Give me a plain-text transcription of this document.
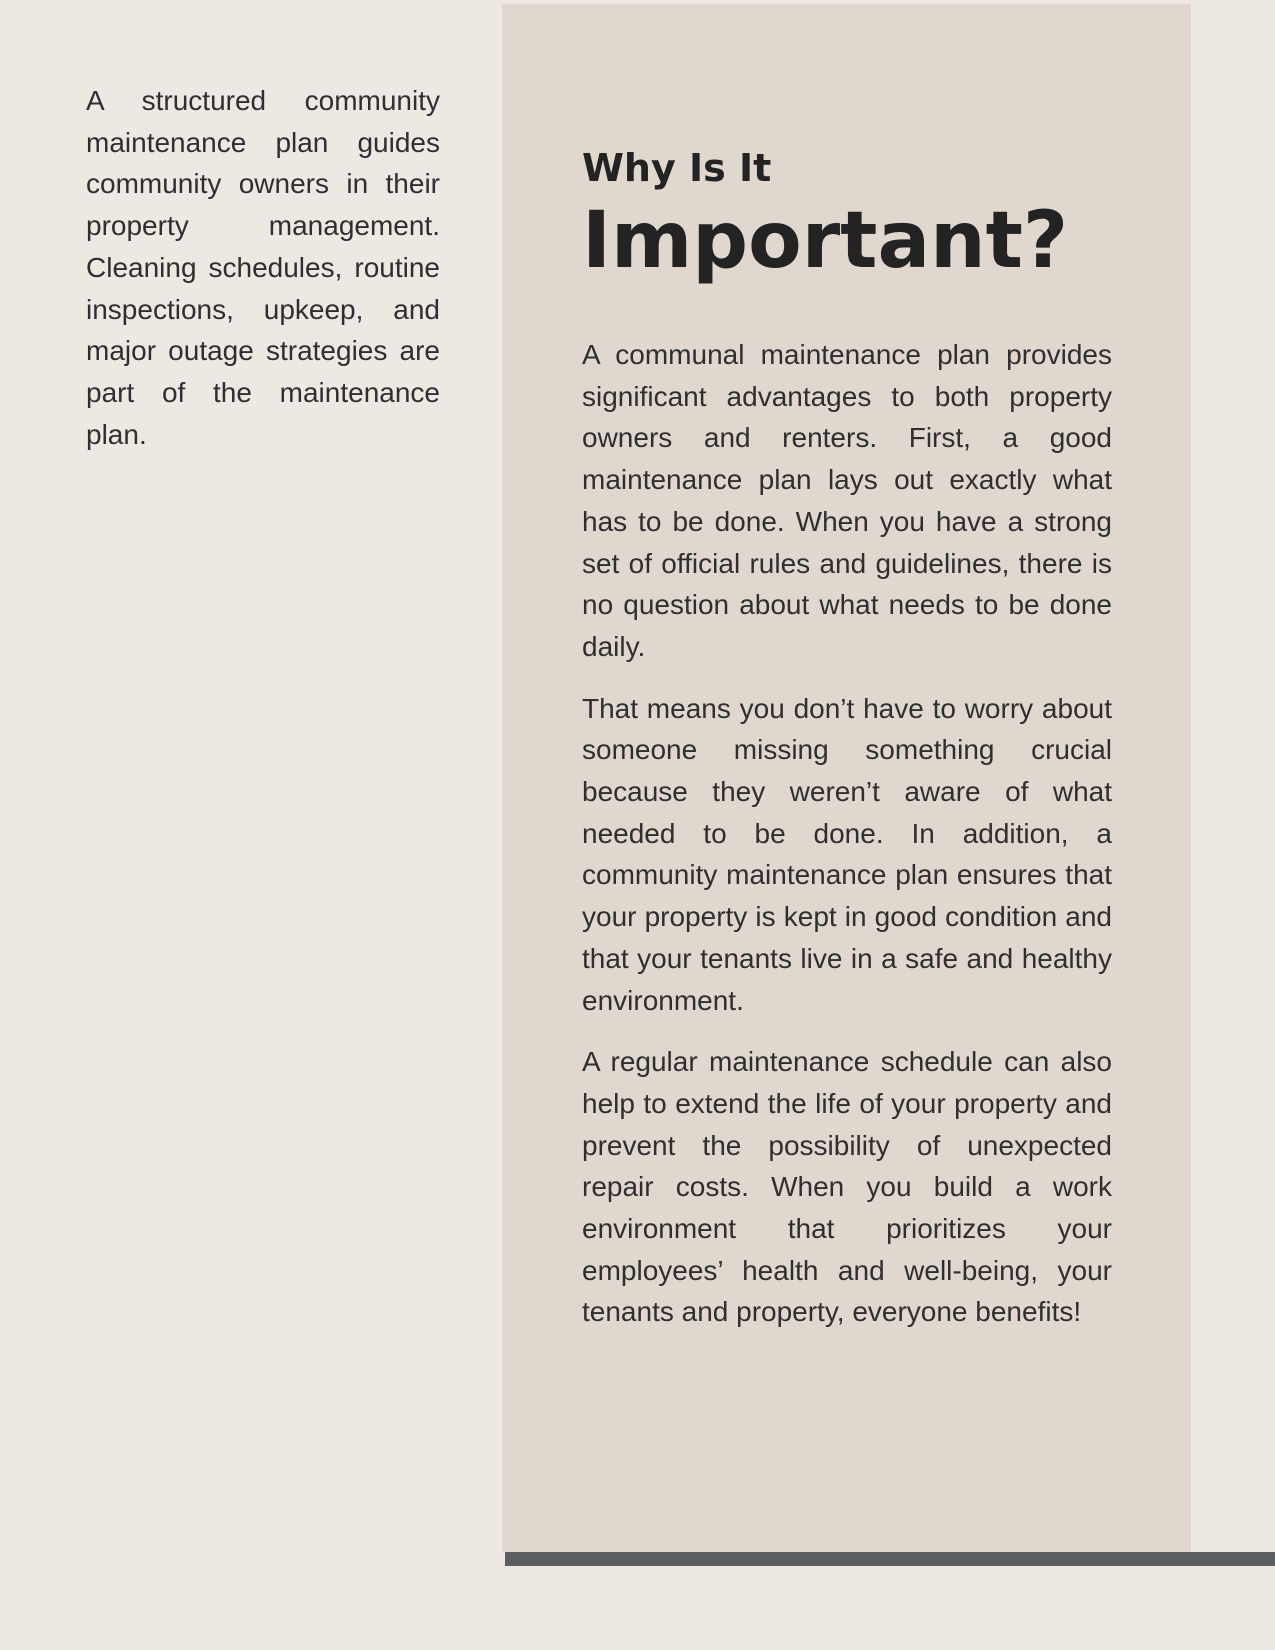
A structured community maintenance plan guides community owners in their property management. Cleaning schedules, routine inspections, upkeep, and major outage strategies are part of the maintenance plan.

Why Is It
Important?

A communal maintenance plan provides significant advantages to both property owners and renters. First, a good maintenance plan lays out exactly what has to be done. When you have a strong set of official rules and guidelines, there is no question about what needs to be done daily.

That means you don’t have to worry about someone missing something crucial because they weren’t aware of what needed to be done. In addition, a community maintenance plan ensures that your property is kept in good condition and that your tenants live in a safe and healthy environment.

A regular maintenance schedule can also help to extend the life of your property and prevent the possibility of unexpected repair costs. When you build a work environment that prioritizes your employees’ health and well-being, your tenants and property, everyone benefits!
